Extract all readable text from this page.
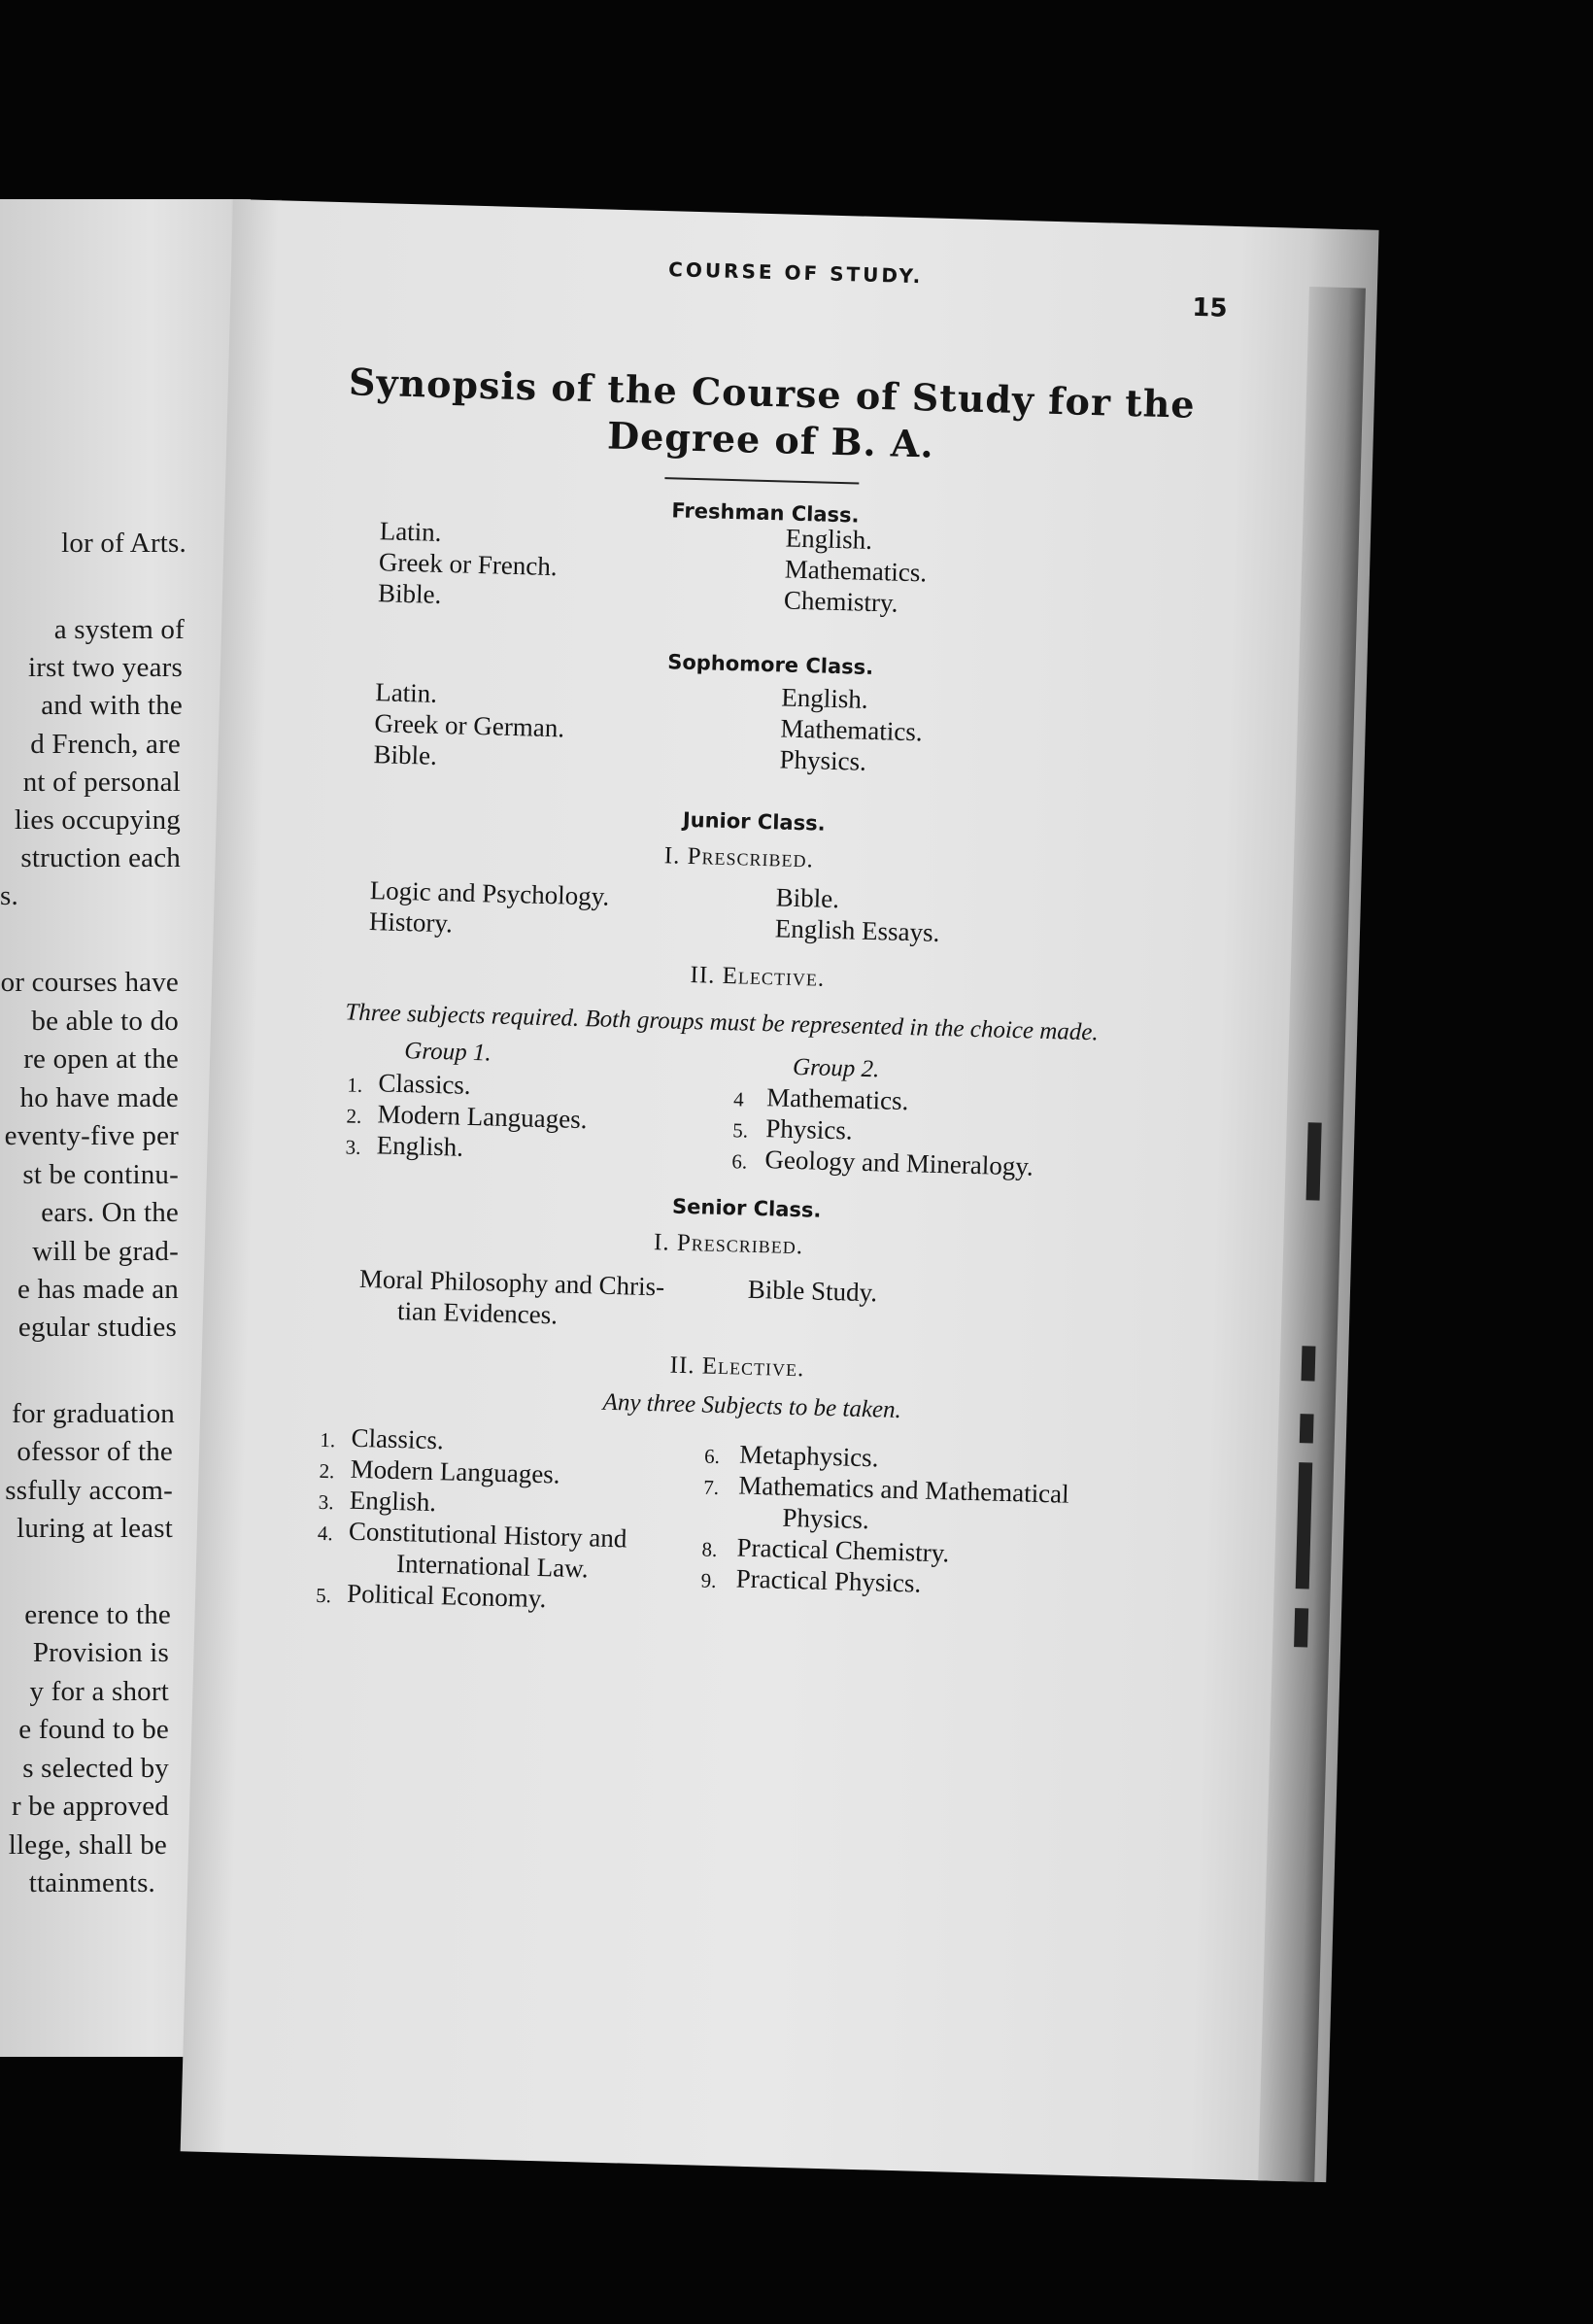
lor of Arts.
a system of
irst two years
and with the
d French, are
nt of personal
lies occupying
struction each
s.
or courses have
be able to do
re open at the
ho have made
eventy-five per
st be continu-
ears. On the
will be grad-
e has made an
egular studies
for graduation
ofessor of the
ssfully accom-
luring at least
erence to the
Provision is
y for a short
e found to be
s selected by
r be approved
llege, shall be
ttainments.
COURSE OF STUDY.
15
Synopsis of the Course of Study for the
Degree of B. A.
Freshman Class.
Latin.
Greek or French.
Bible.
English.
Mathematics.
Chemistry.
Sophomore Class.
Latin.
Greek or German.
Bible.
English.
Mathematics.
Physics.
Junior Class.
I. Prescribed.
Logic and Psychology.
History.
Bible.
English Essays.
II. Elective.
Three subjects required. Both groups must be represented in the choice made.
Group 1.
1. Classics.
2. Modern Languages.
3. English.
Group 2.
4 Mathematics.
5. Physics.
6. Geology and Mineralogy.
Senior Class.
I. Prescribed.
Moral Philosophy and Chris-
tian Evidences.
Bible Study.
II. Elective.
Any three Subjects to be taken.
1. Classics.
2. Modern Languages.
3. English.
4. Constitutional History and
International Law.
5. Political Economy.
6. Metaphysics.
7. Mathematics and Mathematical
Physics.
8. Practical Chemistry.
9. Practical Physics.
